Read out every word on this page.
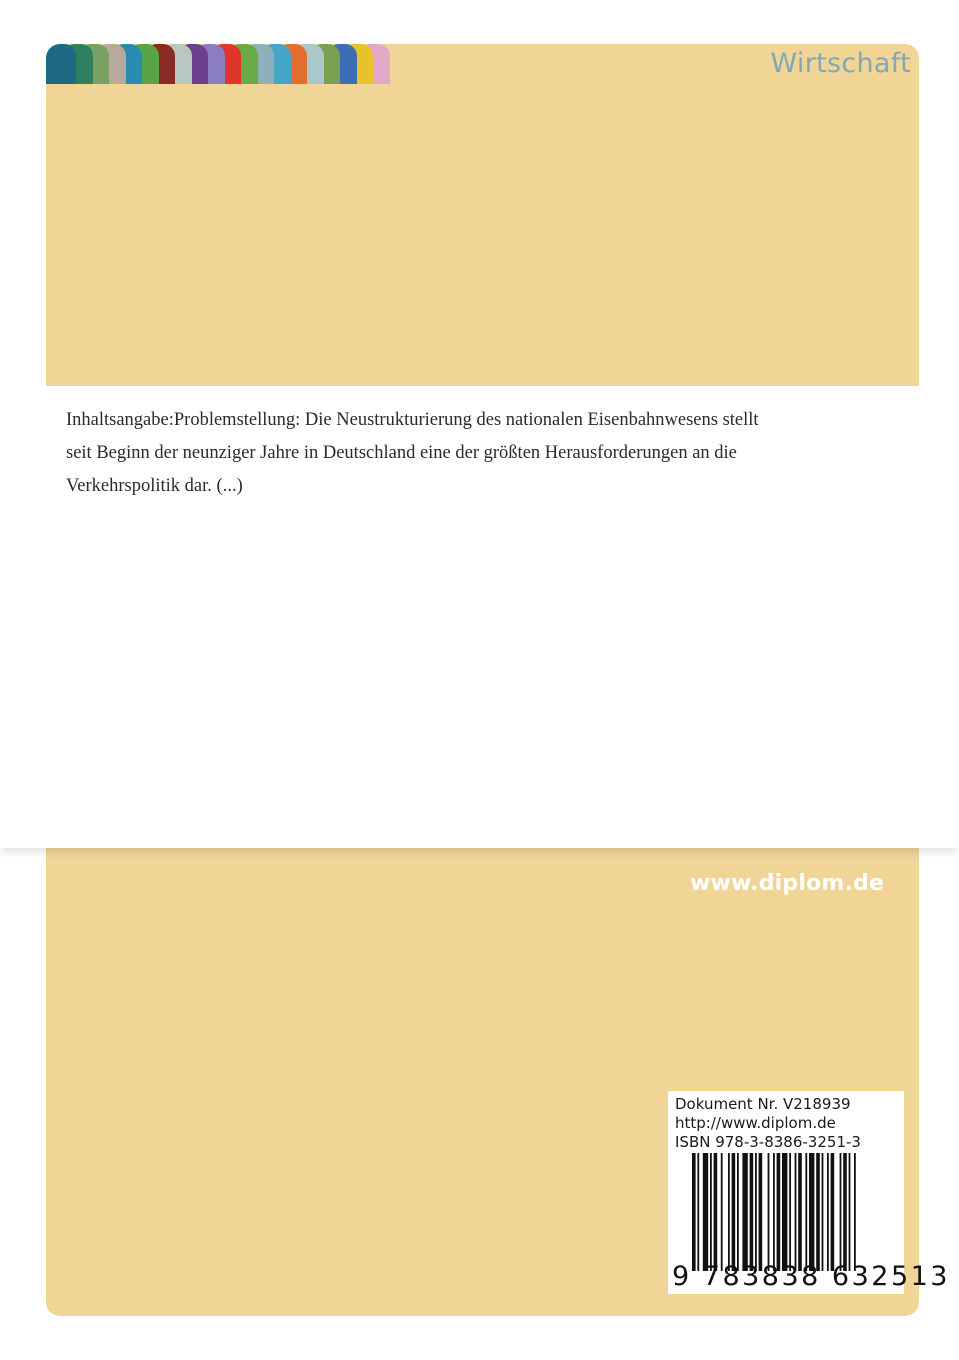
Wirtschaft
Inhaltsangabe:Problemstellung: Die Neustrukturierung des nationalen Eisenbahnwesens stellt seit Beginn der neunziger Jahre in Deutschland eine der größten Herausforderungen an die Verkehrspolitik dar. (...)
www.diplom.de
Dokument Nr. V218939
http://www.diplom.de
ISBN 978-3-8386-3251-3
9 783838 632513
